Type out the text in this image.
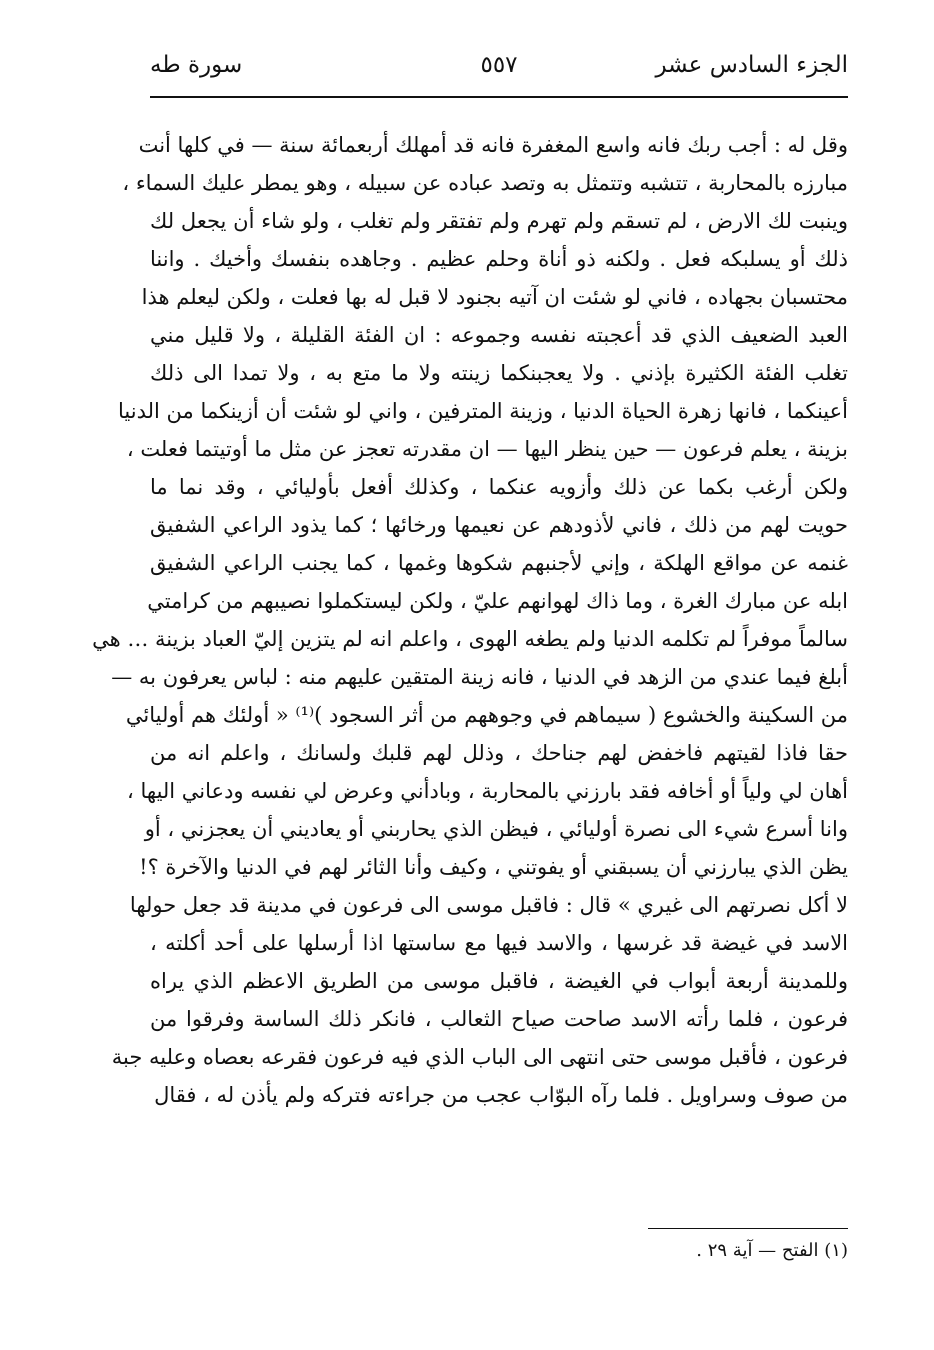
الجزء السادس عشر
٥٥٧
سورة طه
وقل له : أجب ربك فانه واسع المغفرة فانه قد أمهلك أربعمائة سنة — في كلها أنت
مبارزه بالمحاربة ، تتشبه وتتمثل به وتصد عباده عن سبيله ، وهو يمطر عليك السماء ،
وينبت لك الارض ، لم تسقم ولم تهرم ولم تفتقر ولم تغلب ، ولو شاء أن يجعل لك
ذلك أو يسلبكه فعل . ولكنه ذو أناة وحلم عظيم . وجاهده بنفسك وأخيك . واننا
محتسبان بجهاده ، فاني لو شئت ان آتيه بجنود لا قبل له بها فعلت ، ولكن ليعلم هذا
العبد الضعيف الذي قد أعجبته نفسه وجموعه : ان الفئة القليلة ، ولا قليل مني
تغلب الفئة الكثيرة بإذني . ولا يعجبنكما زينته ولا ما متع به ، ولا تمدا الى ذلك
أعينكما ، فانها زهرة الحياة الدنيا ، وزينة المترفين ، واني لو شئت أن أزينكما من الدنيا
بزينة ، يعلم فرعون — حين ينظر اليها — ان مقدرته تعجز عن مثل ما أوتيتما فعلت ،
ولكن أرغب بكما عن ذلك وأزويه عنكما ، وكذلك أفعل بأوليائي ، وقد نما ما
حويت لهم من ذلك ، فاني لأذودهم عن نعيمها ورخائها ؛ كما يذود الراعي الشفيق
غنمه عن مواقع الهلكة ، وإني لأجنبهم شكوها وغمها ، كما يجنب الراعي الشفيق
ابله عن مبارك الغرة ، وما ذاك لهوانهم عليّ ، ولكن ليستكملوا نصيبهم من كرامتي
سالماً موفراً لم تكلمه الدنيا ولم يطغه الهوى ، واعلم انه لم يتزين إليّ العباد بزينة … هي
أبلغ فيما عندي من الزهد في الدنيا ، فانه زينة المتقين عليهم منه : لباس يعرفون به —
من السكينة والخشوع ( سيماهم في وجوههم من أثر السجود )⁽¹⁾ « أولئك هم أوليائي
حقا فاذا لقيتهم فاخفض لهم جناحك ، وذلل لهم قلبك ولسانك ، واعلم انه من
أهان لي ولياً أو أخافه فقد بارزني بالمحاربة ، وبادأني وعرض لي نفسه ودعاني اليها ،
وانا أسرع شيء الى نصرة أوليائي ، فيظن الذي يحاربني أو يعاديني أن يعجزني ، أو
يظن الذي يبارزني أن يسبقني أو يفوتني ، وكيف وأنا الثائر لهم في الدنيا والآخرة ؟!
لا أكل نصرتهم الى غيري » قال : فاقبل موسى الى فرعون في مدينة قد جعل حولها
الاسد في غيضة قد غرسها ، والاسد فيها مع ساستها اذا أرسلها على أحد أكلته ،
وللمدينة أربعة أبواب في الغيضة ، فاقبل موسى من الطريق الاعظم الذي يراه
فرعون ، فلما رأته الاسد صاحت صياح الثعالب ، فانكر ذلك الساسة وفرقوا من
فرعون ، فأقبل موسى حتى انتهى الى الباب الذي فيه فرعون فقرعه بعصاه وعليه جبة
من صوف وسراويل . فلما رآه البوّاب عجب من جراءته فتركه ولم يأذن له ، فقال
(١) الفتح — آية ٢٩ .
